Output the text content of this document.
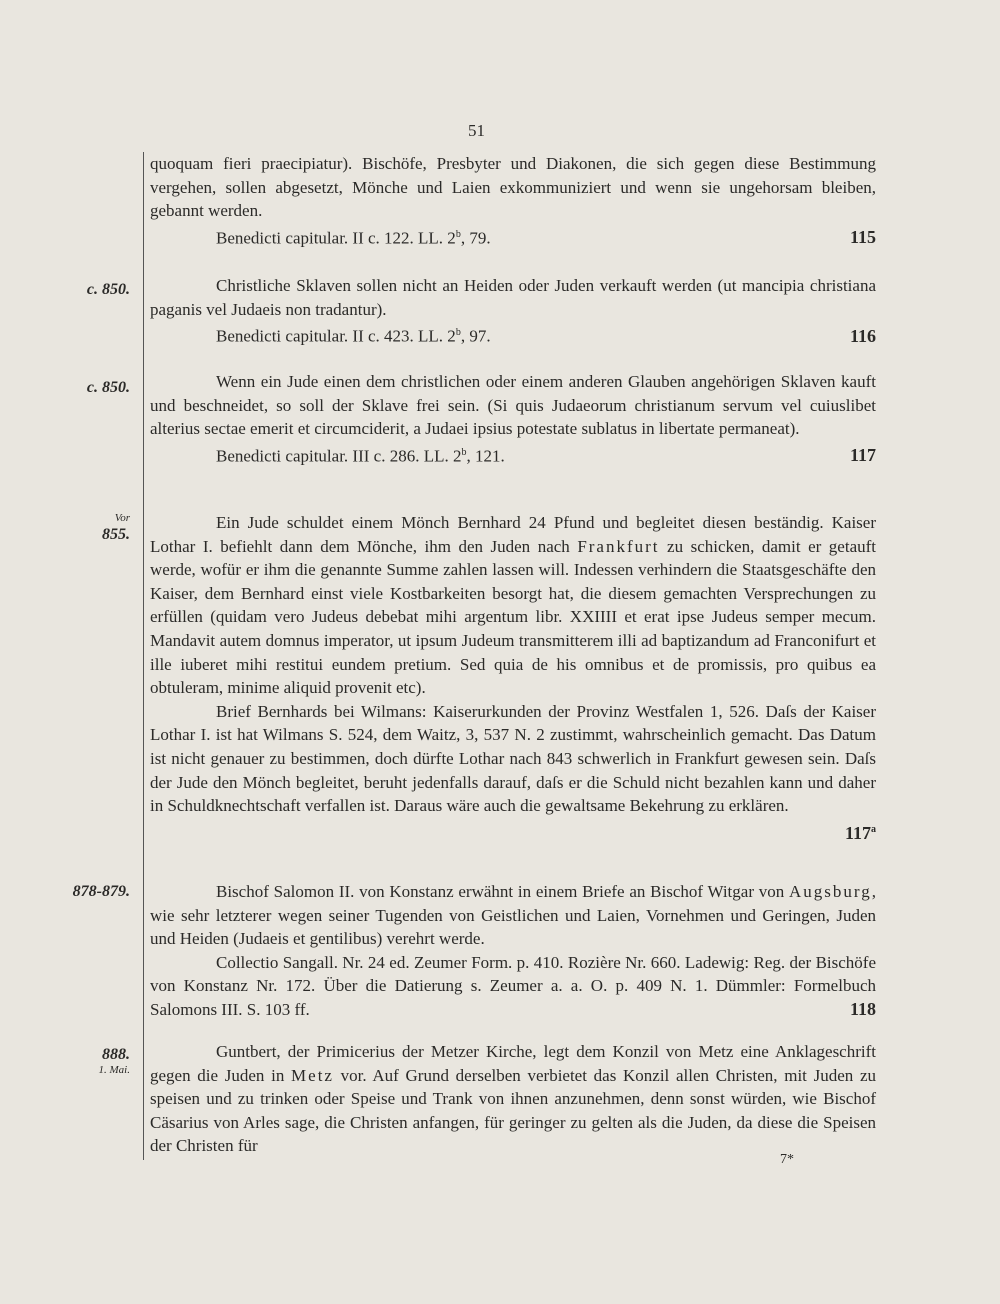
51

quoquam fieri praecipiatur). Bischöfe, Presbyter und Diakonen, die sich gegen diese Bestimmung vergehen, sollen abgesetzt, Mönche und Laien exkommuniziert und wenn sie ungehorsam bleiben, gebannt werden.

Benedicti capitular. II c. 122. LL. 2$^b$, 79.	115
c. 850.	Christliche Sklaven sollen nicht an Heiden oder Juden verkauft werden (ut mancipia christiana paganis vel Judaeis non tradantur).

Benedicti capitular. II c. 423. LL. 2$^b$, 97.	116
c. 850.	Wenn ein Jude einen dem christlichen oder einem anderen Glauben angehörigen Sklaven kauft und beschneidet, so soll der Sklave frei sein. (Si quis Judaeorum christianum servum vel cuiuslibet alterius sectae emerit et circumciderit, a Judaei ipsius potestate sublatus in libertate permaneat).

Benedicti capitular. III c. 286. LL. 2$^b$, 121.	117
Vor
855.

Ein Jude schuldet einem Mönch Bernhard 24 Pfund und begleitet diesen beständig. Kaiser Lothar I. befiehlt dann dem Mönche, ihm den Juden nach Frankfurt zu schicken, damit er getauft werde, wofür er ihm die genannte Summe zahlen lassen will. Indessen verhindern die Staatsgeschäfte den Kaiser, dem Bernhard einst viele Kostbarkeiten besorgt hat, die diesem gemachten Versprechungen zu erfüllen (quidam vero Judeus debebat mihi argentum libr. XXIIII et erat ipse Judeus semper mecum. Mandavit autem domnus imperator, ut ipsum Judeum transmitterem illi ad baptizandum ad Franconifurt et ille iuberet mihi restitui eundem pretium. Sed quia de his omnibus et de promissis, pro quibus ea obtuleram, minime aliquid provenit etc).

Brief Bernhards bei Wilmans: Kaiserurkunden der Provinz Westfalen 1, 526. Daſs der Kaiser Lothar I. ist hat Wilmans S. 524, dem Waitz, 3, 537 N. 2 zustimmt, wahrscheinlich gemacht. Das Datum ist nicht genauer zu bestimmen, doch dürfte Lothar nach 843 schwerlich in Frankfurt gewesen sein. Daſs der Jude den Mönch begleitet, beruht jedenfalls darauf, daſs er die Schuld nicht bezahlen kann und daher in Schuldknechtschaft verfallen ist. Daraus wäre auch die gewaltsame Bekehrung zu erklären.

117$^a$
878-879.	Bischof Salomon II. von Konstanz erwähnt in einem Briefe an Bischof Witgar von Augsburg, wie sehr letzterer wegen seiner Tugenden von Geistlichen und Laien, Vornehmen und Geringen, Juden und Heiden (Judaeis et gentilibus) verehrt werde.

Collectio Sangall. Nr. 24 ed. Zeumer Form. p. 410. Rozière Nr. 660. Ladewig: Reg. der Bischöfe von Konstanz Nr. 172. Über die Datierung s. Zeumer a. a. O. p. 409 N. 1. Dümmler: Formelbuch Salomons III. S. 103 ff.	118
888.
1. Mai.

Guntbert, der Primicerius der Metzer Kirche, legt dem Konzil von Metz eine Anklageschrift gegen die Juden in Metz vor. Auf Grund derselben verbietet das Konzil allen Christen, mit Juden zu speisen und zu trinken oder Speise und Trank von ihnen anzunehmen, denn sonst würden, wie Bischof Cäsarius von Arles sage, die Christen anfangen, für geringer zu gelten als die Juden, da diese die Speisen der Christen für

7*
